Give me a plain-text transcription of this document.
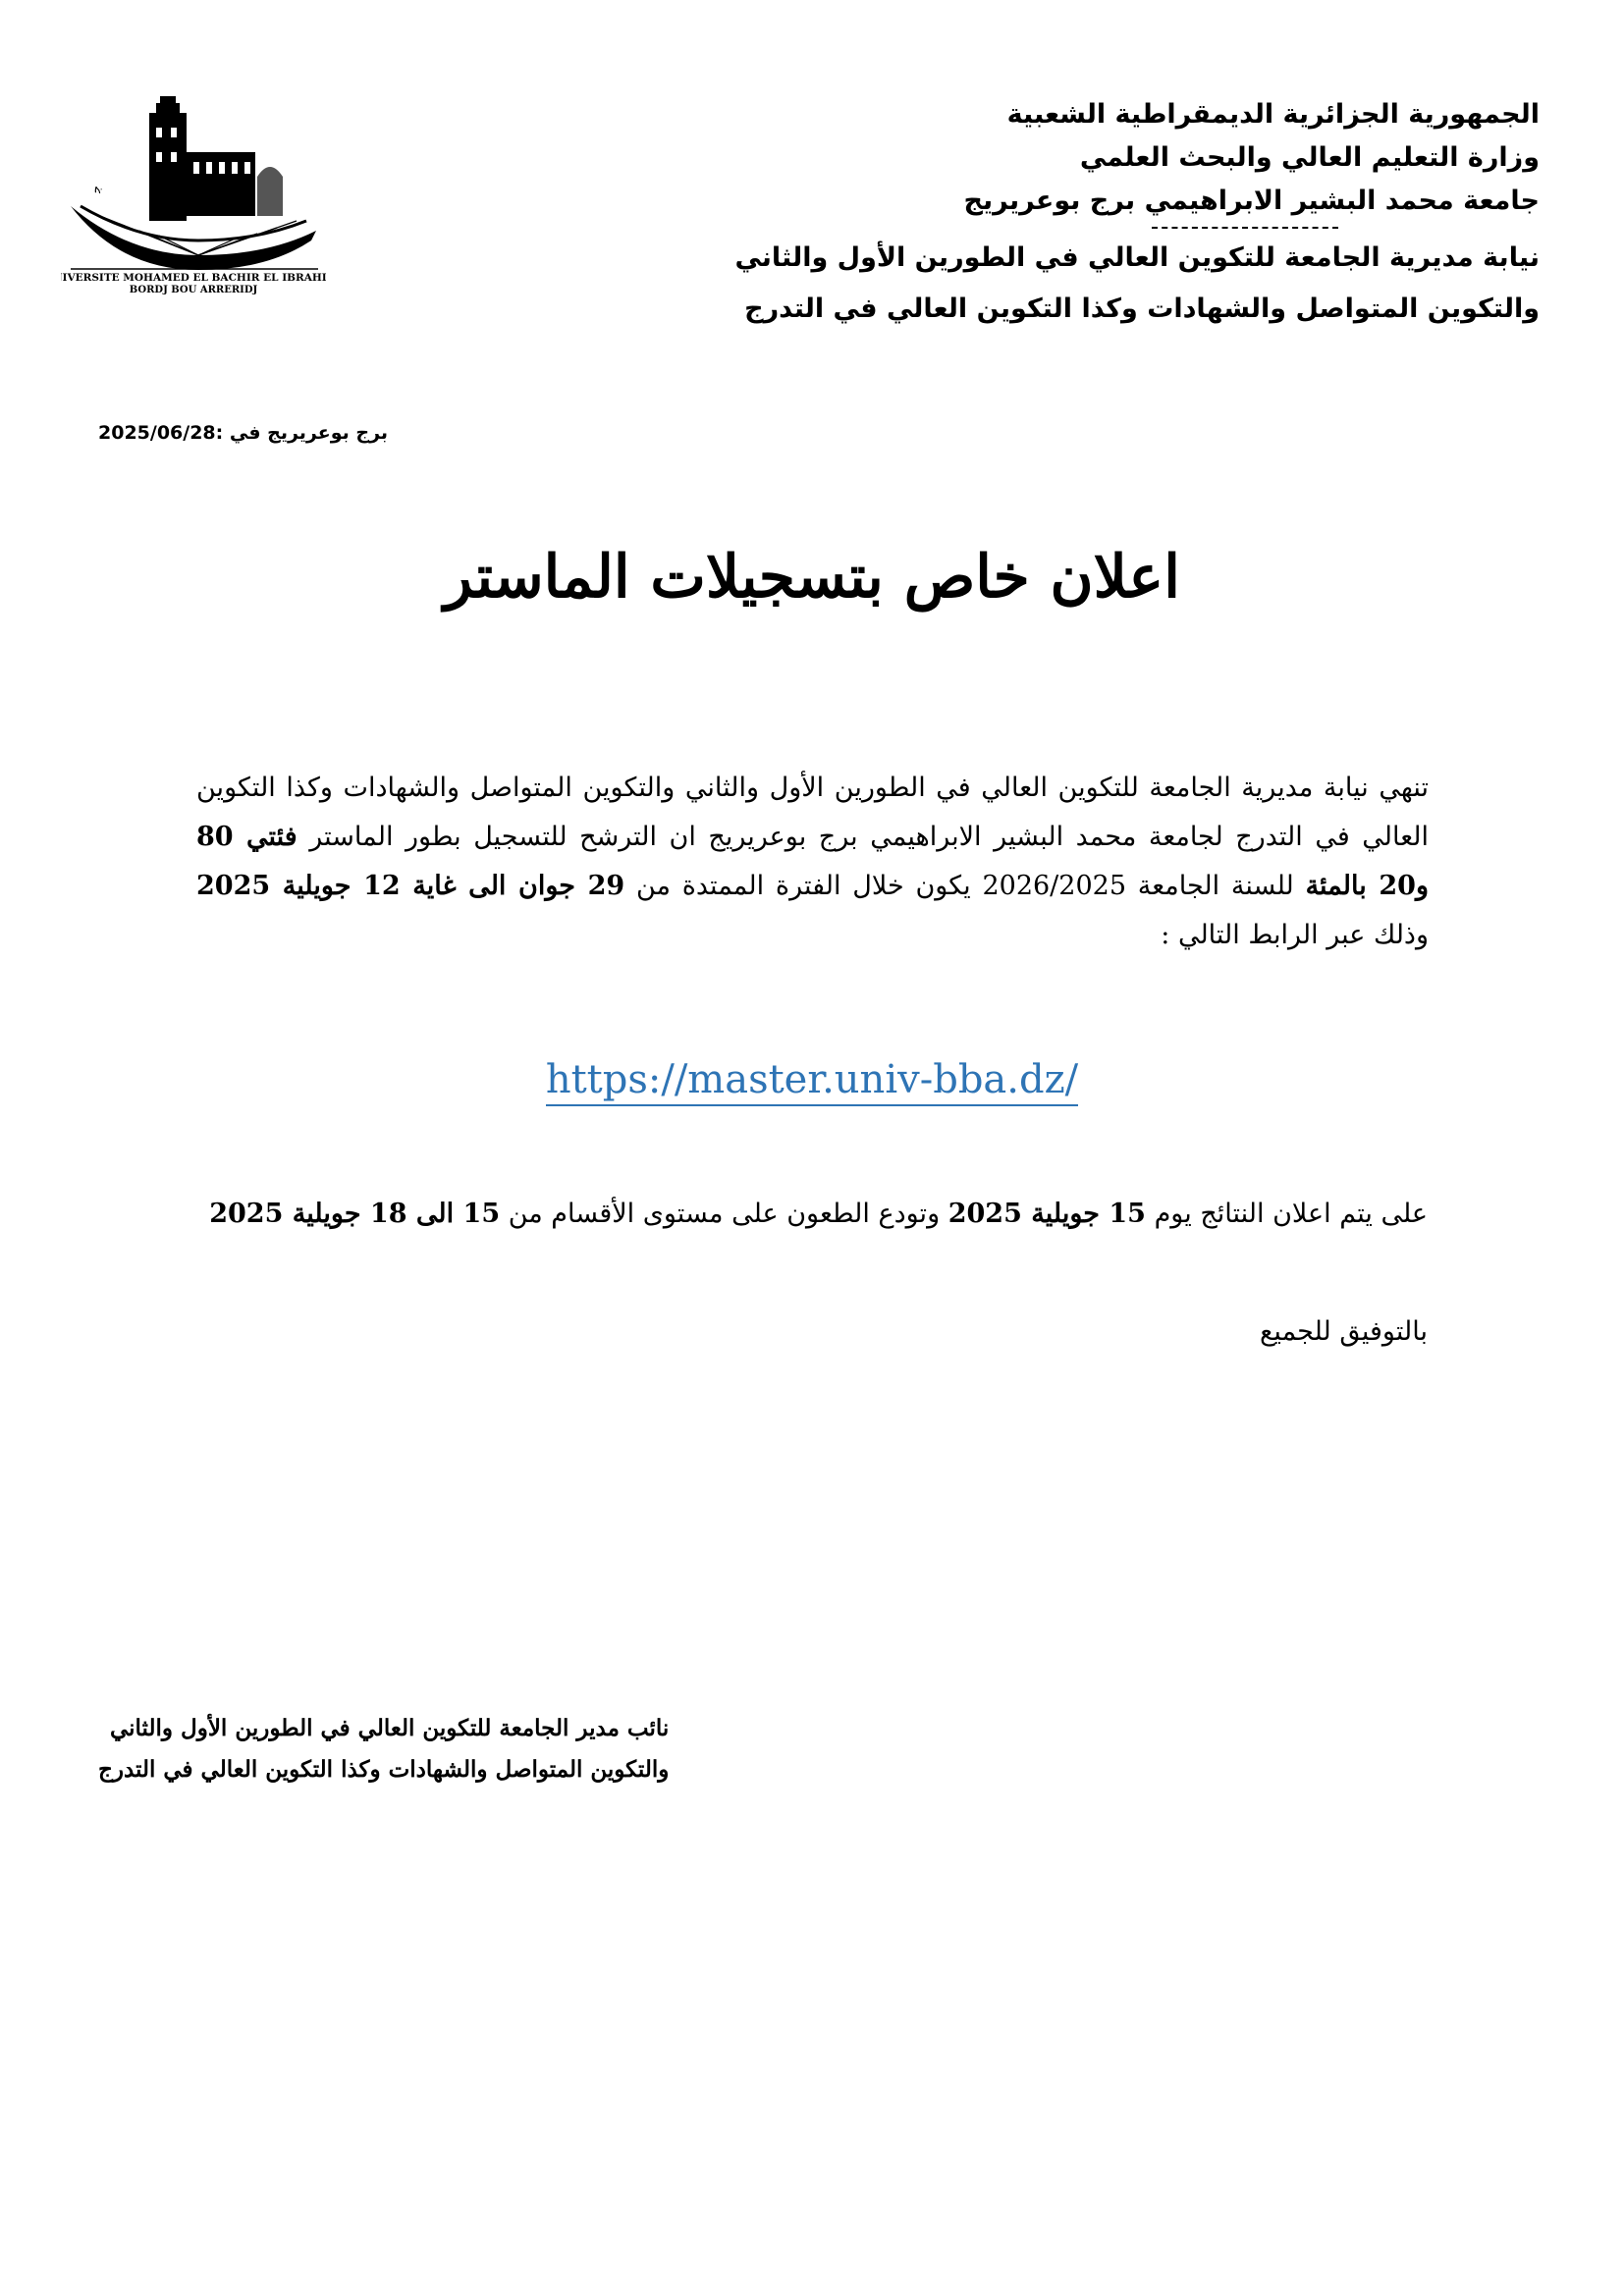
الجمهورية الجزائرية الديمقراطية الشعبية
وزارة التعليم العالي والبحث العلمي
جامعة محمد البشير الابراهيمي برج بوعريريج
نيابة مديرية الجامعة للتكوين العالي في الطورين الأول والثاني
والتكوين المتواصل والشهادات وكذا التكوين العالي في التدرج
ج
IVERSITE MOHAMED EL BACHIR EL IBRAHI
BORDJ BOU ARRERIDJ
برج بوعريريج في :2025/06/28
اعلان خاص بتسجيلات الماستر

تنهي نيابة مديرية الجامعة للتكوين العالي في الطورين الأول والثاني والتكوين المتواصل والشهادات وكذا التكوين العالي في التدرج لجامعة محمد البشير الابراهيمي برج بوعريريج ان الترشح للتسجيل بطور الماستر فئتي 80 و20 بالمئة للسنة الجامعة 2026/2025 يكون خلال الفترة الممتدة من 29 جوان الى غاية 12 جويلية 2025 وذلك عبر الرابط التالي :

https://master.univ-bba.dz/
على يتم اعلان النتائج يوم 15 جويلية 2025 وتودع الطعون على مستوى الأقسام من 15 الى 18 جويلية 2025
بالتوفيق للجميع
نائب مدير الجامعة للتكوين العالي في الطورين الأول والثاني
والتكوين المتواصل والشهادات وكذا التكوين العالي في التدرج
